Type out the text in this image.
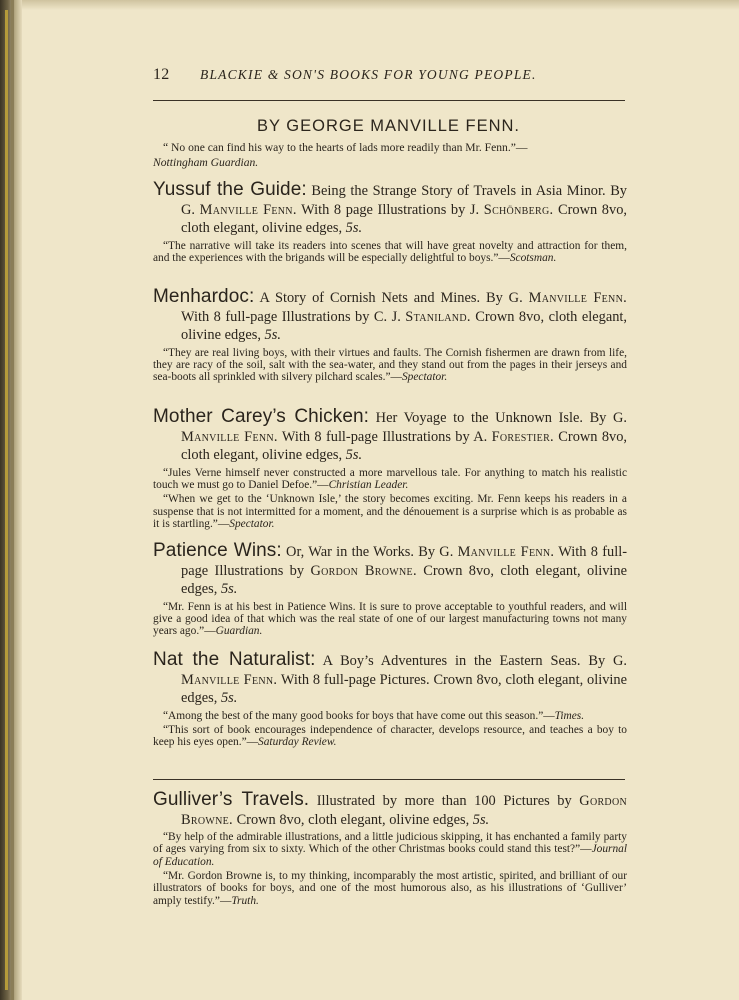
12 BLACKIE & SON'S BOOKS FOR YOUNG PEOPLE.
BY GEORGE MANVILLE FENN.
“ No one can find his way to the hearts of lads more readily than Mr. Fenn.”—
Nottingham Guardian.
Yussuf the Guide: Being the Strange Story of Travels in Asia Minor. By G. Manville Fenn. With 8 page Illustrations by J. Schönberg. Crown 8vo, cloth elegant, olivine edges, 5s.
“The narrative will take its readers into scenes that will have great novelty and attraction for them, and the experiences with the brigands will be especially delightful to boys.”—Scotsman.
Menhardoc: A Story of Cornish Nets and Mines. By G. Manville Fenn. With 8 full-page Illustrations by C. J. Staniland. Crown 8vo, cloth elegant, olivine edges, 5s.
“They are real living boys, with their virtues and faults. The Cornish fishermen are drawn from life, they are racy of the soil, salt with the sea-water, and they stand out from the pages in their jerseys and sea-boots all sprinkled with silvery pilchard scales.”—Spectator.
Mother Carey’s Chicken: Her Voyage to the Unknown Isle. By G. Manville Fenn. With 8 full-page Illustrations by A. Forestier. Crown 8vo, cloth elegant, olivine edges, 5s.
“Jules Verne himself never constructed a more marvellous tale. For anything to match his realistic touch we must go to Daniel Defoe.”—Christian Leader.
“When we get to the ‘Unknown Isle,’ the story becomes exciting. Mr. Fenn keeps his readers in a suspense that is not intermitted for a moment, and the dénouement is a surprise which is as probable as it is startling.”—Spectator.
Patience Wins: Or, War in the Works. By G. Manville Fenn. With 8 full-page Illustrations by Gordon Browne. Crown 8vo, cloth elegant, olivine edges, 5s.
“Mr. Fenn is at his best in Patience Wins. It is sure to prove acceptable to youthful readers, and will give a good idea of that which was the real state of one of our largest manufacturing towns not many years ago.”—Guardian.
Nat the Naturalist: A Boy’s Adventures in the Eastern Seas. By G. Manville Fenn. With 8 full-page Pictures. Crown 8vo, cloth elegant, olivine edges, 5s.
“Among the best of the many good books for boys that have come out this season.”—Times.
“This sort of book encourages independence of character, develops resource, and teaches a boy to keep his eyes open.”—Saturday Review.
Gulliver’s Travels. Illustrated by more than 100 Pictures by Gordon Browne. Crown 8vo, cloth elegant, olivine edges, 5s.
“By help of the admirable illustrations, and a little judicious skipping, it has enchanted a family party of ages varying from six to sixty. Which of the other Christmas books could stand this test?”—Journal of Education.
“Mr. Gordon Browne is, to my thinking, incomparably the most artistic, spirited, and brilliant of our illustrators of books for boys, and one of the most humorous also, as his illustrations of ‘Gulliver’ amply testify.”—Truth.
